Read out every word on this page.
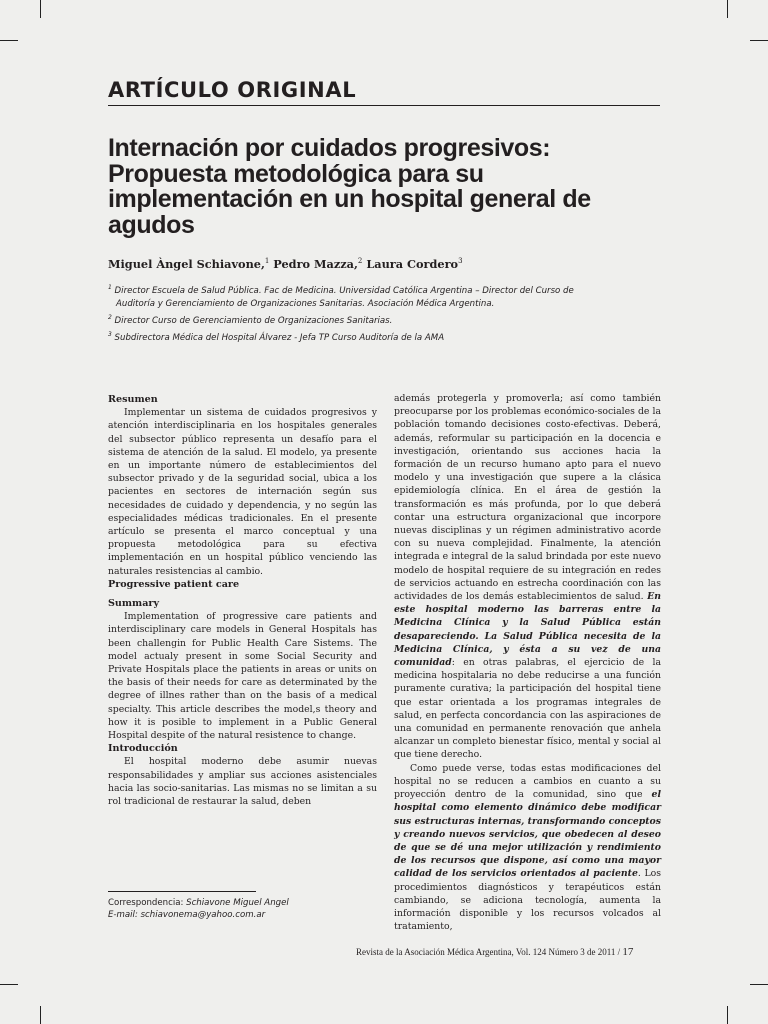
ARTÍCULO ORIGINAL
Internación por cuidados progresivos: Propuesta metodológica para su implementación en un hospital general de agudos
Miguel Àngel Schiavone,$^1$ Pedro Mazza,$^2$ Laura Cordero$^3$

$^1$ Director Escuela de Salud Pública. Fac de Medicina. Universidad Católica Argentina – Director del Curso de

Auditoría y Gerenciamiento de Organizaciones Sanitarias. Asociación Médica Argentina.

$^2$ Director Curso de Gerenciamiento de Organizaciones Sanitarias.

$^3$ Subdirectora Médica del Hospital Álvarez - Jefa TP Curso Auditoría de la AMA

Resumen

Implementar un sistema de cuidados progresivos y atención interdisciplinaria en los hospitales generales del subsector público representa un desafío para el sistema de atención de la salud. El modelo, ya presente en un importante número de establecimientos del subsector privado y de la seguridad social, ubica a los pacientes en sectores de internación según sus necesidades de cuidado y dependencia, y no según las especialidades médicas tradicionales. En el presente artículo se presenta el marco conceptual y una propuesta metodológica para su efectiva implementación en un hospital público venciendo las naturales resistencias al cambio.

Progressive patient care

Summary

Implementation of progressive care patients and interdisciplinary care models in General Hospitals has been challengin for Public Health Care Sistems. The model actualy present in some Social Security and Private Hospitals place the patients in areas or units on the basis of their needs for care as determinated by the degree of illnes rather than on the basis of a medical specialty. This article describes the model,s theory and how it is posible to implement in a Public General Hospital despite of the natural resistence to change.

Introducción

El hospital moderno debe asumir nuevas responsabilidades y ampliar sus acciones asistenciales hacia las socio-sanitarias. Las mismas no se limitan a su rol tradicional de restaurar la salud, deben

además protegerla y promoverla; así como también preocuparse por los problemas económico-sociales de la población tomando decisiones costo-efectivas. Deberá, además, reformular su participación en la docencia e investigación, orientando sus acciones hacia la formación de un recurso humano apto para el nuevo modelo y una investigación que supere a la clásica epidemiología clínica. En el área de gestión la transformación es más profunda, por lo que deberá contar una estructura organizacional que incorpore nuevas disciplinas y un régimen administrativo acorde con su nueva complejidad. Finalmente, la atención integrada e integral de la salud brindada por este nuevo modelo de hospital requiere de su integración en redes de servicios actuando en estrecha coordinación con las actividades de los demás establecimientos de salud. En este hospital moderno las barreras entre la Medicina Clínica y la Salud Pública están desapareciendo. La Salud Pública necesita de la Medicina Clínica, y ésta a su vez de una comunidad: en otras palabras, el ejercicio de la medicina hospitalaria no debe reducirse a una función puramente curativa; la participación del hospital tiene que estar orientada a los programas integrales de salud, en perfecta concordancia con las aspiraciones de una comunidad en permanente renovación que anhela alcanzar un completo bienestar físico, mental y social al que tiene derecho.

Como puede verse, todas estas modificaciones del hospital no se reducen a cambios en cuanto a su proyección dentro de la comunidad, sino que el hospital como elemento dinámico debe modificar sus estructuras internas, transformando conceptos y creando nuevos servicios, que obedecen al deseo de que se dé una mejor utilización y rendimiento de los recursos que dispone, así como una mayor calidad de los servicios orientados al paciente. Los procedimientos diagnósticos y terapéuticos están cambiando, se adiciona tecnología, aumenta la información disponible y los recursos volcados al tratamiento,

Correspondencia: Schiavone Miguel Angel
E-mail: schiavonema@yahoo.com.ar
Revista de la Asociación Médica Argentina, Vol. 124 Número 3 de 2011 / 17
